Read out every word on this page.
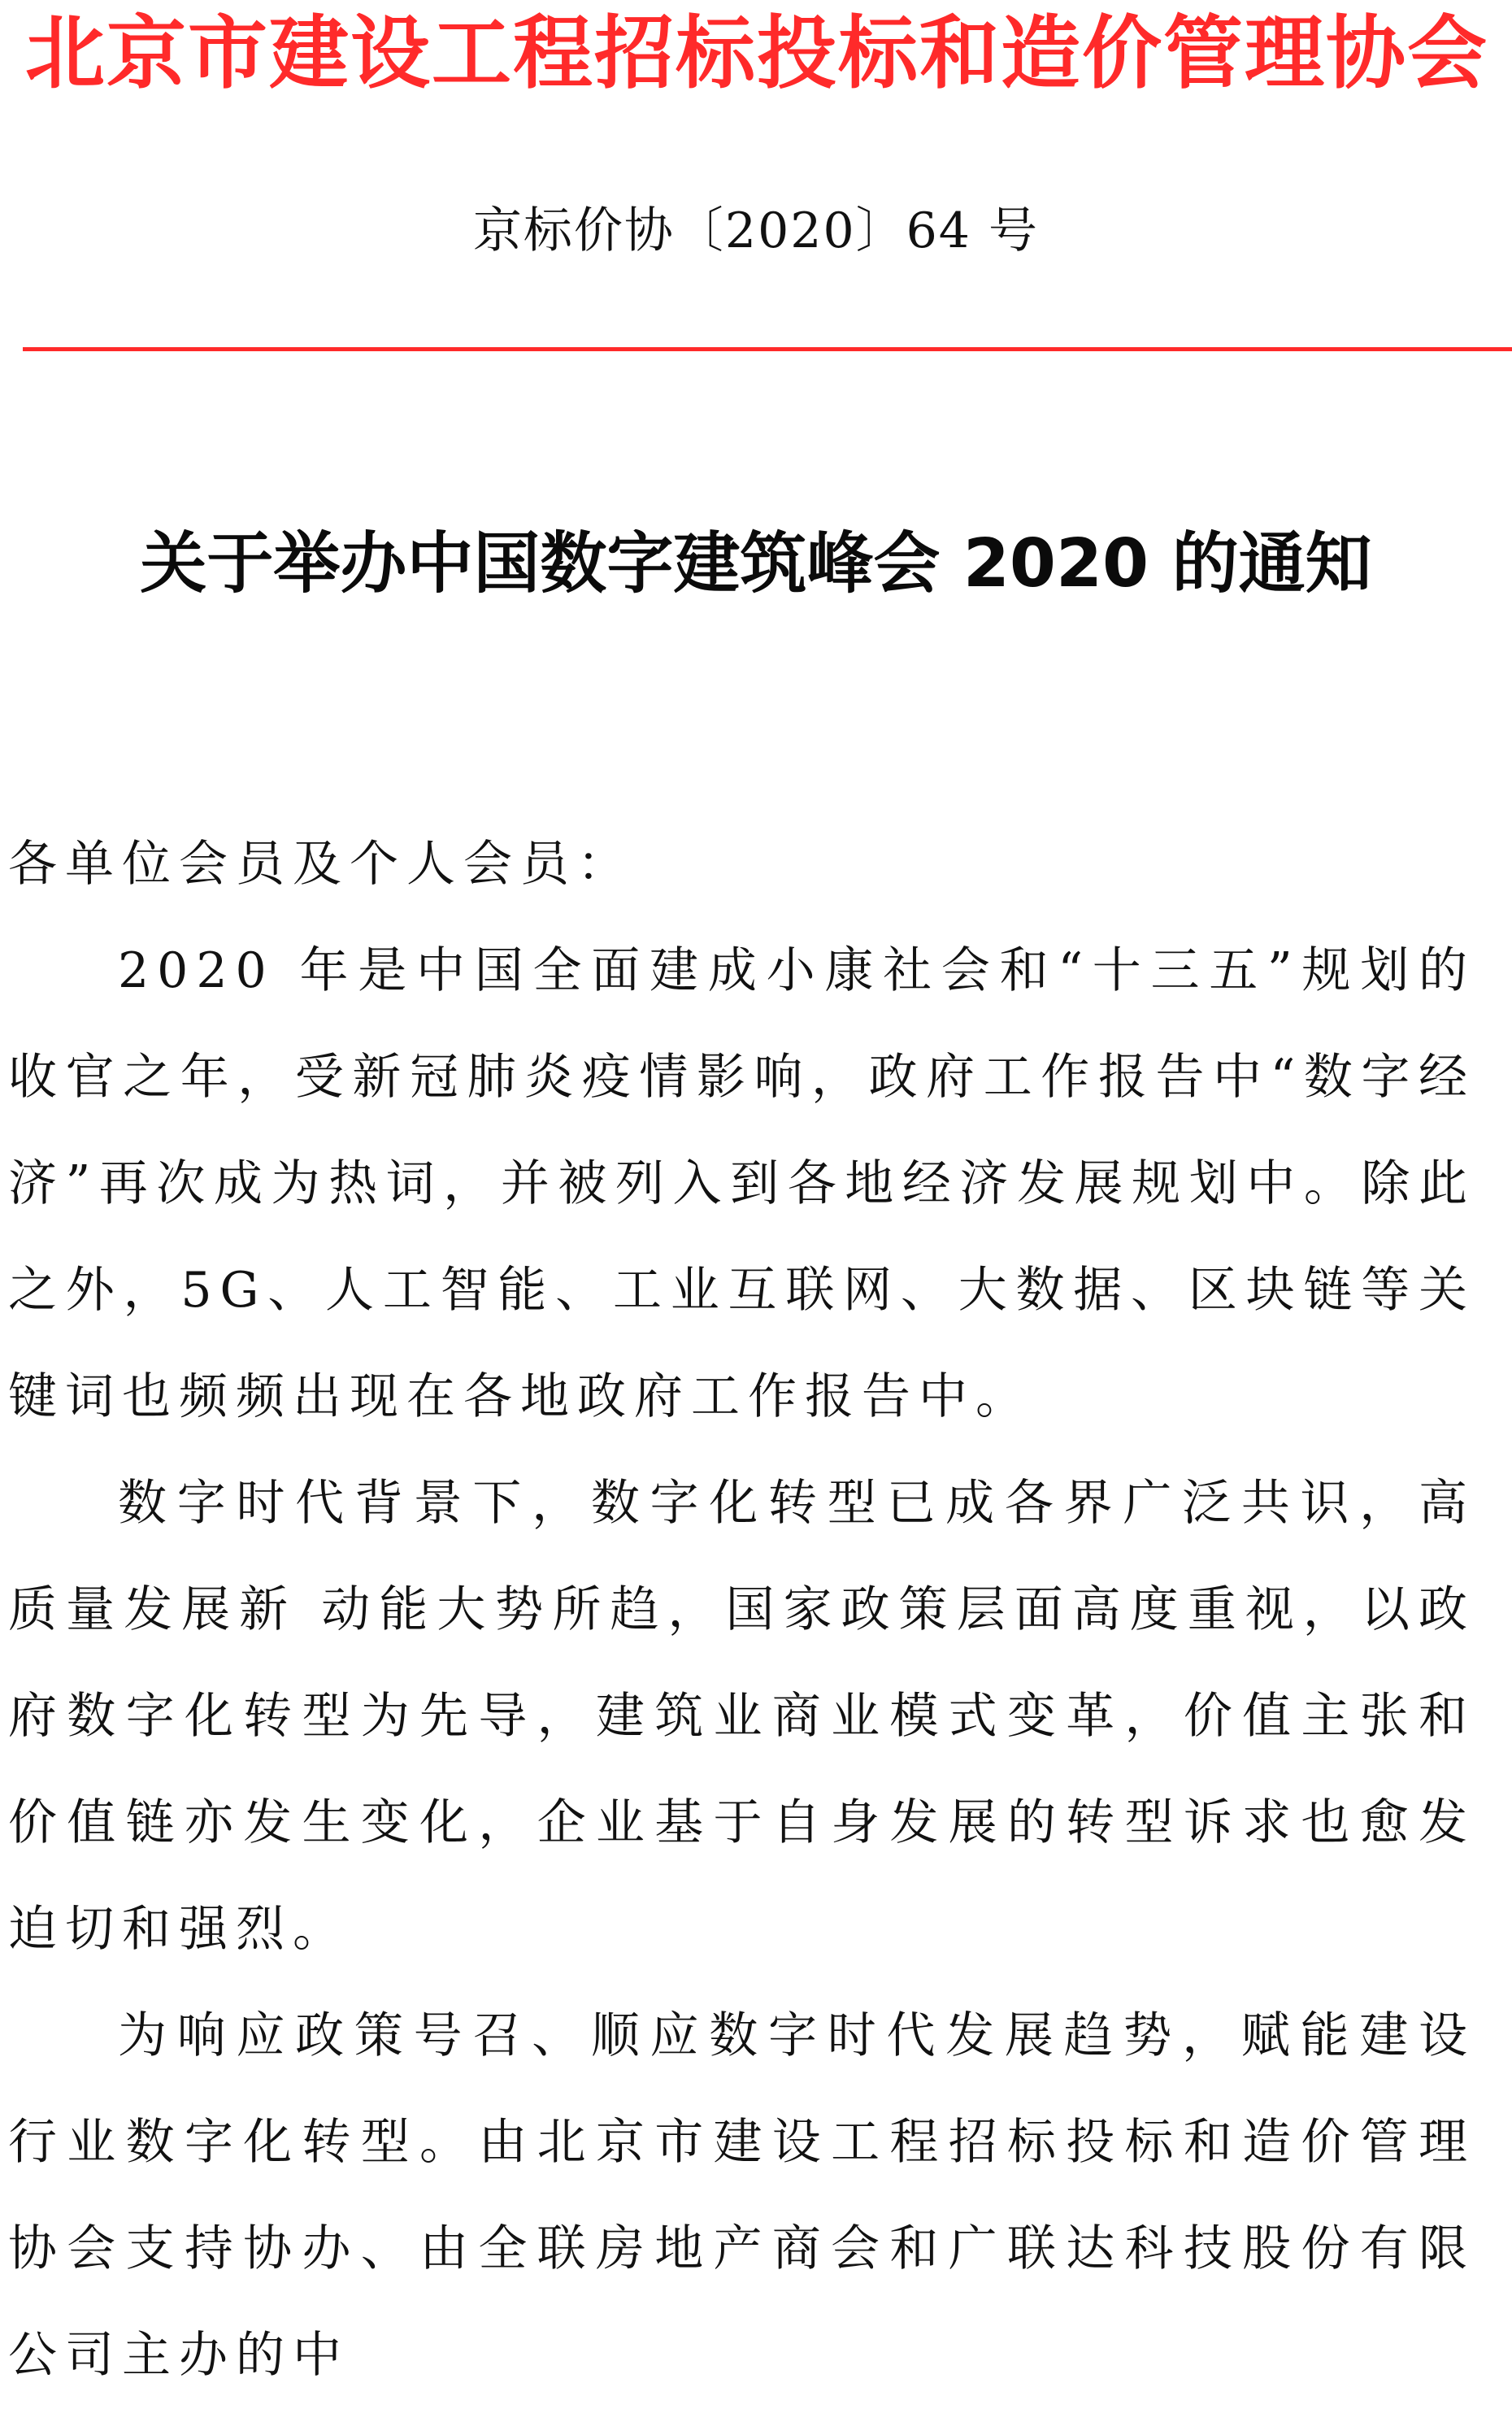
北京市建设工程招标投标和造价管理协会
京标价协〔2020〕64 号
关于举办中国数字建筑峰会 2020 的通知

各单位会员及个人会员：

2020 年是中国全面建成小康社会和“十三五”规划的收官之年，受新冠肺炎疫情影响，政府工作报告中“数字经济”再次成为热词，并被列入到各地经济发展规划中。除此之外，5G、人工智能、工业互联网、大数据、区块链等关键词也频频出现在各地政府工作报告中。

数字时代背景下，数字化转型已成各界广泛共识，高质量发展新 动能大势所趋，国家政策层面高度重视，以政府数字化转型为先导，建筑业商业模式变革，价值主张和价值链亦发生变化，企业基于自身发展的转型诉求也愈发迫切和强烈。

为响应政策号召、顺应数字时代发展趋势，赋能建设行业数字化转型。由北京市建设工程招标投标和造价管理协会支持协办、由全联房地产商会和广联达科技股份有限公司主办的中
